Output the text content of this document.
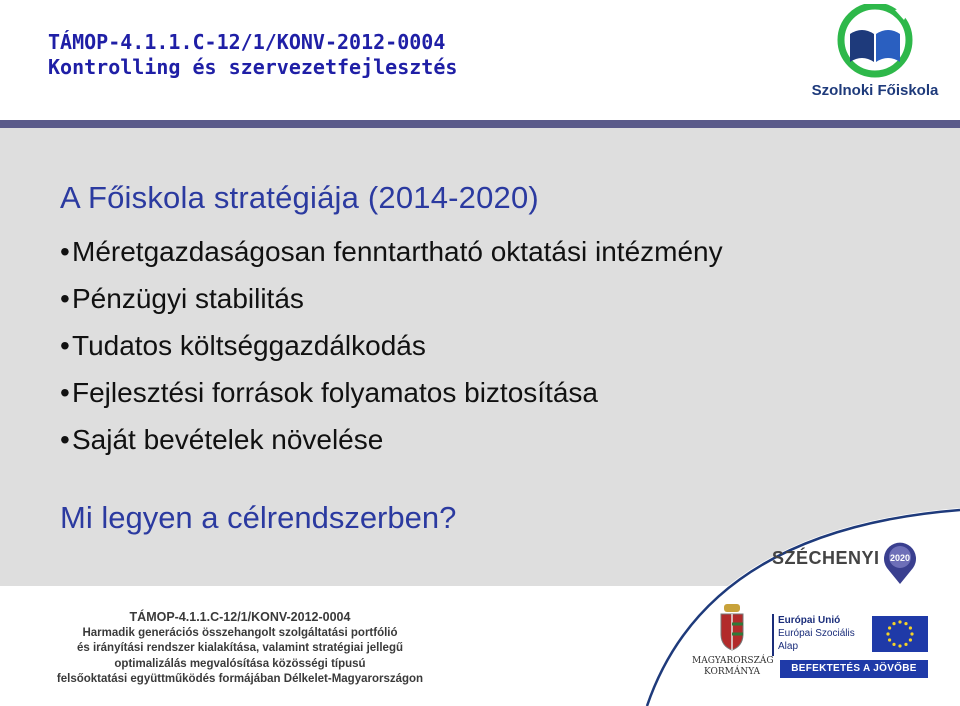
TÁMOP-4.1.1.C-12/1/KONV-2012-0004
Kontrolling és szervezetfejlesztés
Szolnoki Főiskola
A Főiskola stratégiája (2014-2020)
•Méretgazdaságosan fenntartható oktatási intézmény
•Pénzügyi stabilitás
•Tudatos költséggazdálkodás
•Fejlesztési források folyamatos biztosítása
•Saját bevételek növelése
Mi legyen a célrendszerben?
TÁMOP-4.1.1.C-12/1/KONV-2012-0004
Harmadik generációs összehangolt szolgáltatási portfólió
és irányítási rendszer kialakítása, valamint stratégiai jellegű
optimalizálás megvalósítása közösségi típusú
felsőoktatási együttműködés formájában Délkelet-Magyarországon
SZÉCHENYI 2020
MAGYARORSZÁG
KORMÁNYA
Európai Unió
Európai Szociális
Alap
BEFEKTETÉS A JÖVŐBE
